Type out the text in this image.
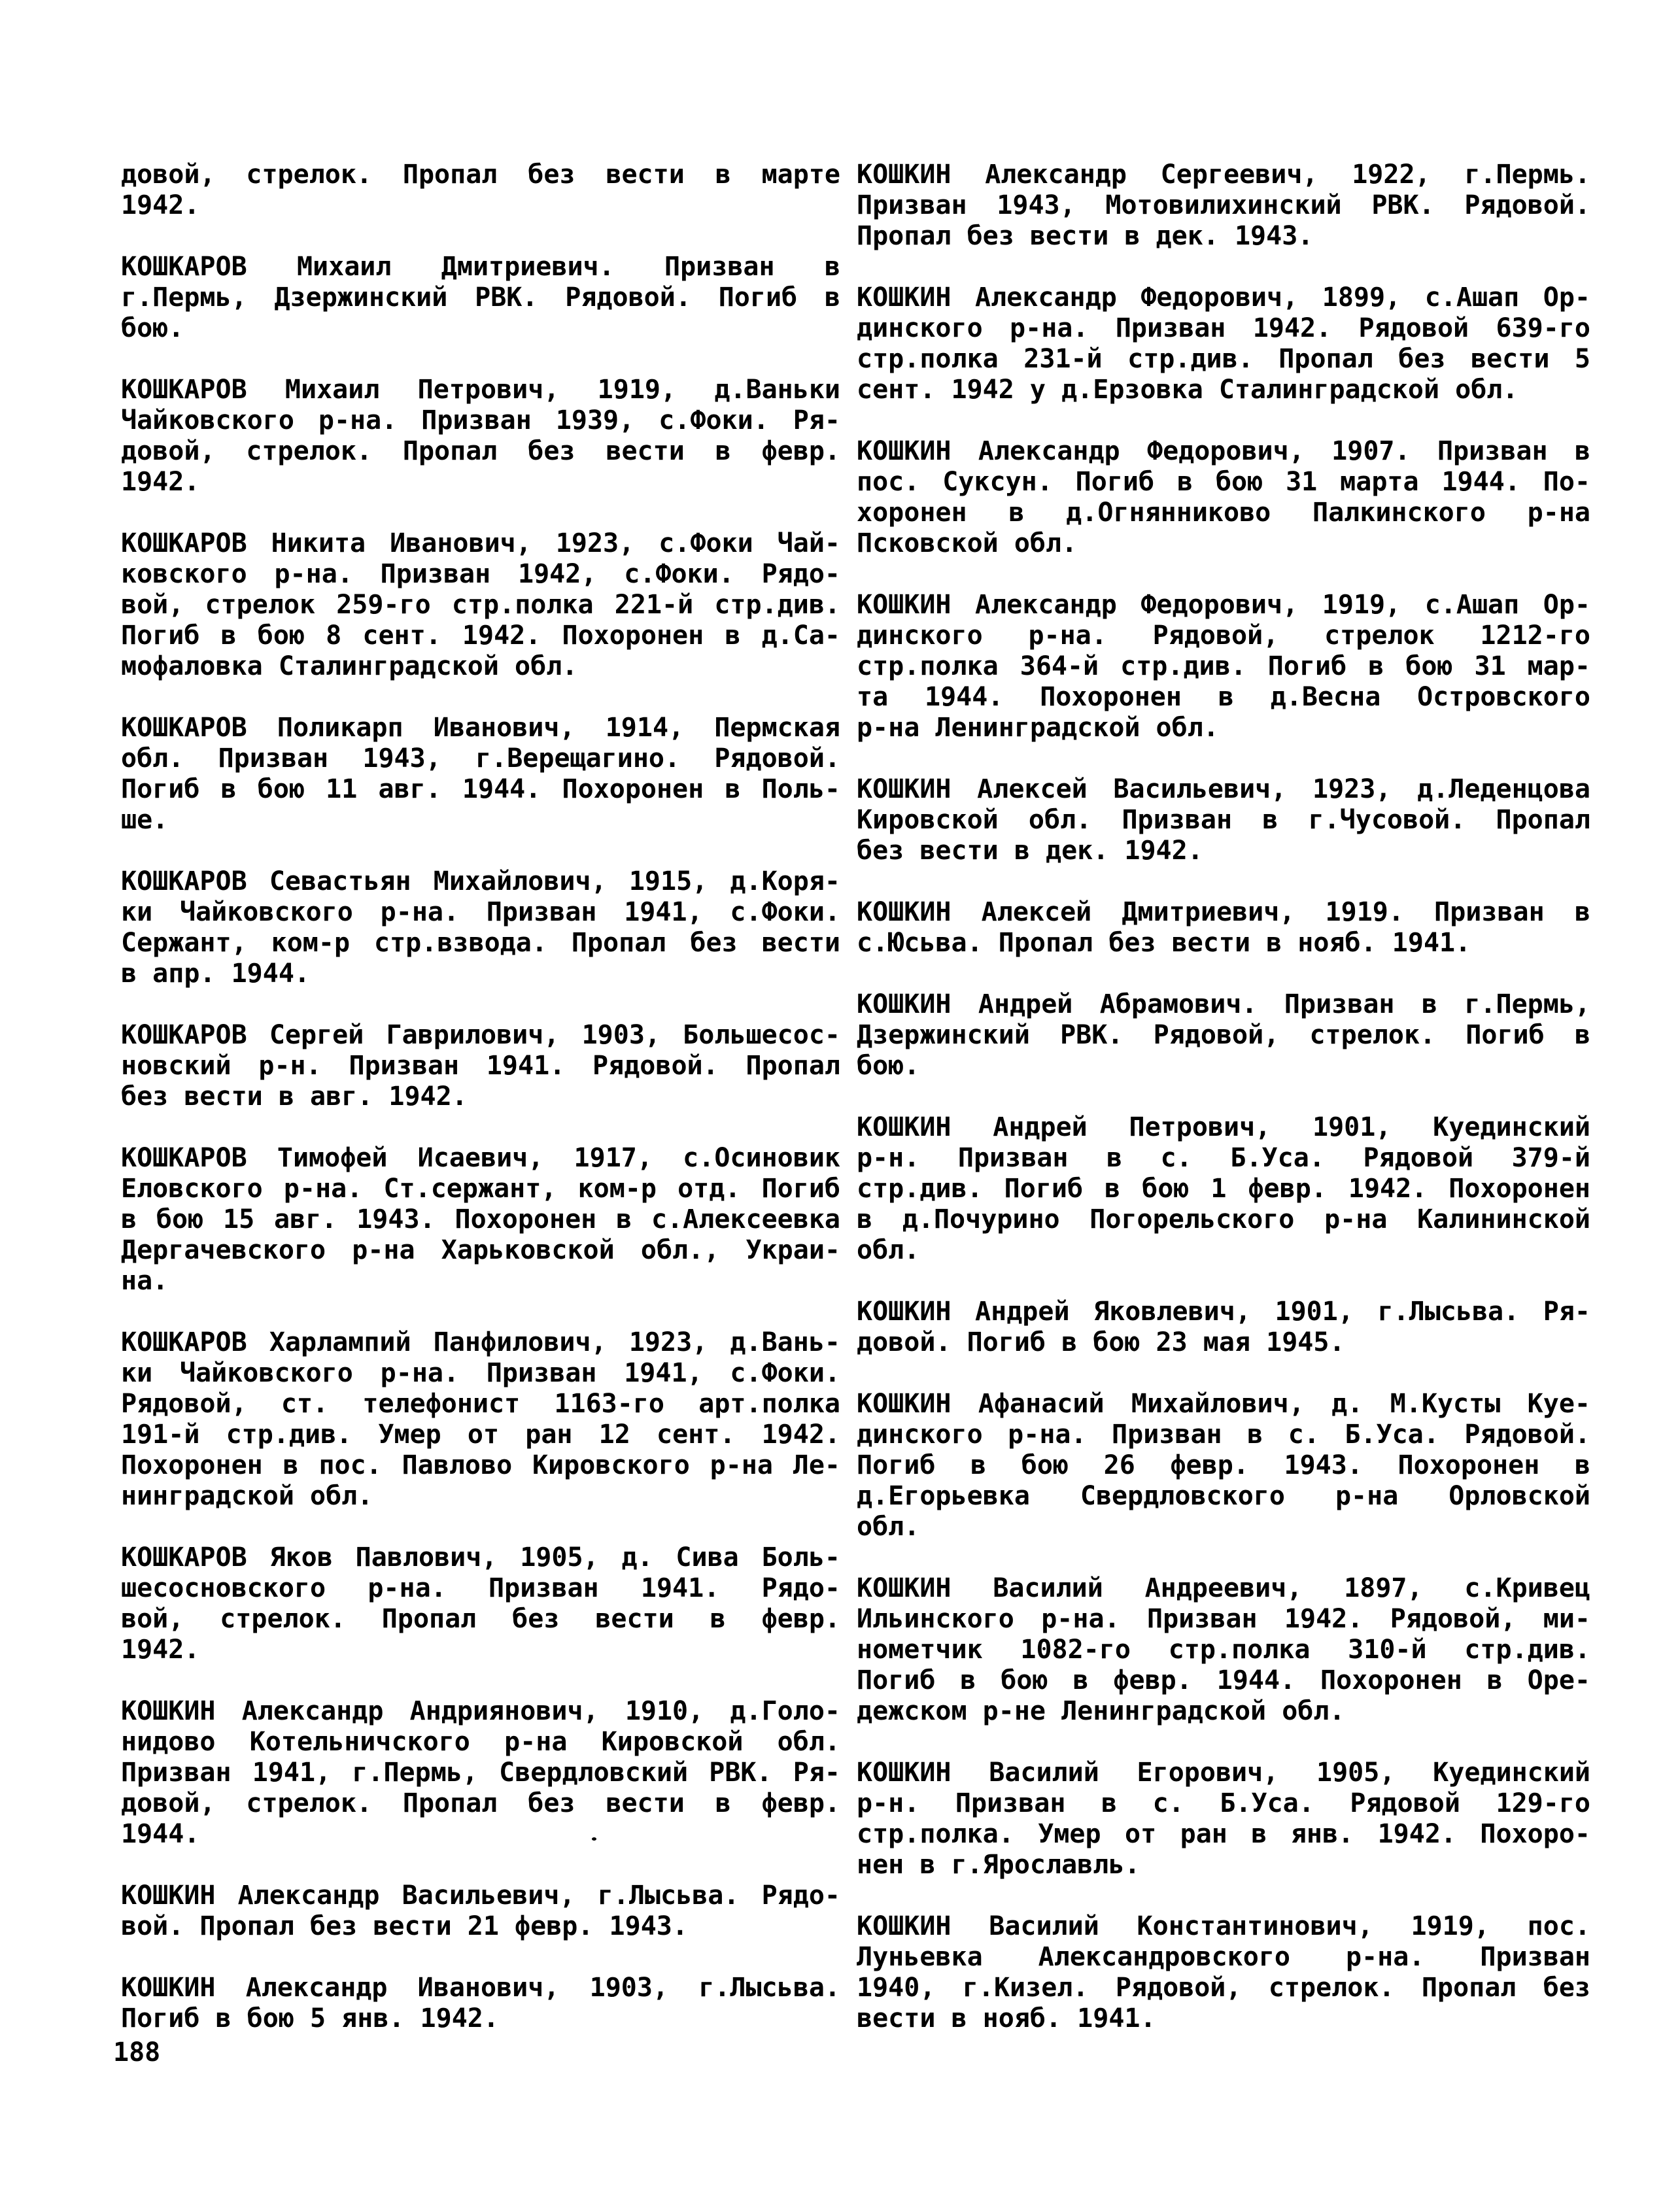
довой, стрелок. Пропал без вести в марте
1942.
КОШКАРОВ Михаил Дмитриевич. Призван в
г.Пермь, Дзержинский РВК. Рядовой. Погиб в
бою.
КОШКАРОВ Михаил Петрович, 1919, д.Ваньки
Чайковского р-на. Призван 1939, с.Фоки. Ря-
довой, стрелок. Пропал без вести в февр.
1942.
КОШКАРОВ Никита Иванович, 1923, с.Фоки Чай-
ковского р-на. Призван 1942, с.Фоки. Рядо-
вой, стрелок 259-го стр.полка 221-й стр.див.
Погиб в бою 8 сент. 1942. Похоронен в д.Са-
мофаловка Сталинградской обл.
КОШКАРОВ Поликарп Иванович, 1914, Пермская
обл. Призван 1943, г.Верещагино. Рядовой.
Погиб в бою 11 авг. 1944. Похоронен в Поль-
ше.
КОШКАРОВ Севастьян Михайлович, 1915, д.Коря-
ки Чайковского р-на. Призван 1941, с.Фоки.
Сержант, ком-р стр.взвода. Пропал без вести
в апр. 1944.
КОШКАРОВ Сергей Гаврилович, 1903, Большесос-
новский р-н. Призван 1941. Рядовой. Пропал
без вести в авг. 1942.
КОШКАРОВ Тимофей Исаевич, 1917, с.Осиновик
Еловского р-на. Ст.сержант, ком-р отд. Погиб
в бою 15 авг. 1943. Похоронен в с.Алексеевка
Дергачевского р-на Харьковской обл., Украи-
на.
КОШКАРОВ Харлампий Панфилович, 1923, д.Вань-
ки Чайковского р-на. Призван 1941, с.Фоки.
Рядовой, ст. телефонист 1163-го арт.полка
191-й стр.див. Умер от ран 12 сент. 1942.
Похоронен в пос. Павлово Кировского р-на Ле-
нинградской обл.
КОШКАРОВ Яков Павлович, 1905, д. Сива Боль-
шесосновского р-на. Призван 1941. Рядо-
вой, стрелок. Пропал без вести в февр.
1942.
КОШКИН Александр Андриянович, 1910, д.Голо-
нидово Котельничского р-на Кировской обл.
Призван 1941, г.Пермь, Свердловский РВК. Ря-
довой, стрелок. Пропал без вести в февр.
1944.
КОШКИН Александр Васильевич, г.Лысьва. Рядо-
вой. Пропал без вести 21 февр. 1943.
КОШКИН Александр Иванович, 1903, г.Лысьва.
Погиб в бою 5 янв. 1942.
КОШКИН Александр Сергеевич, 1922, г.Пермь.
Призван 1943, Мотовилихинский РВК. Рядовой.
Пропал без вести в дек. 1943.
КОШКИН Александр Федорович, 1899, с.Ашап Ор-
динского р-на. Призван 1942. Рядовой 639-го
стр.полка 231-й стр.див. Пропал без вести 5
сент. 1942 у д.Ерзовка Сталинградской обл.
КОШКИН Александр Федорович, 1907. Призван в
пос. Суксун. Погиб в бою 31 марта 1944. По-
хоронен в д.Огнянниково Палкинского р-на
Псковской обл.
КОШКИН Александр Федорович, 1919, с.Ашап Ор-
динского р-на. Рядовой, стрелок 1212-го
стр.полка 364-й стр.див. Погиб в бою 31 мар-
та 1944. Похоронен в д.Весна Островского
р-на Ленинградской обл.
КОШКИН Алексей Васильевич, 1923, д.Леденцова
Кировской обл. Призван в г.Чусовой. Пропал
без вести в дек. 1942.
КОШКИН Алексей Дмитриевич, 1919. Призван в
с.Юсьва. Пропал без вести в нояб. 1941.
КОШКИН Андрей Абрамович. Призван в г.Пермь,
Дзержинский РВК. Рядовой, стрелок. Погиб в
бою.
КОШКИН Андрей Петрович, 1901, Куединский
р-н. Призван в с. Б.Уса. Рядовой 379-й
стр.див. Погиб в бою 1 февр. 1942. Похоронен
в д.Почурино Погорельского р-на Калининской
обл.
КОШКИН Андрей Яковлевич, 1901, г.Лысьва. Ря-
довой. Погиб в бою 23 мая 1945.
КОШКИН Афанасий Михайлович, д. М.Кусты Куе-
динского р-на. Призван в с. Б.Уса. Рядовой.
Погиб в бою 26 февр. 1943. Похоронен в
д.Егорьевка Свердловского р-на Орловской
обл.
КОШКИН Василий Андреевич, 1897, с.Кривец
Ильинского р-на. Призван 1942. Рядовой, ми-
нометчик 1082-го стр.полка 310-й стр.див.
Погиб в бою в февр. 1944. Похоронен в Оре-
дежском р-не Ленинградской обл.
КОШКИН Василий Егорович, 1905, Куединский
р-н. Призван в с. Б.Уса. Рядовой 129-го
стр.полка. Умер от ран в янв. 1942. Похоро-
нен в г.Ярославль.
КОШКИН Василий Константинович, 1919, пос.
Луньевка Александровского р-на. Призван
1940, г.Кизел. Рядовой, стрелок. Пропал без
вести в нояб. 1941.
188
